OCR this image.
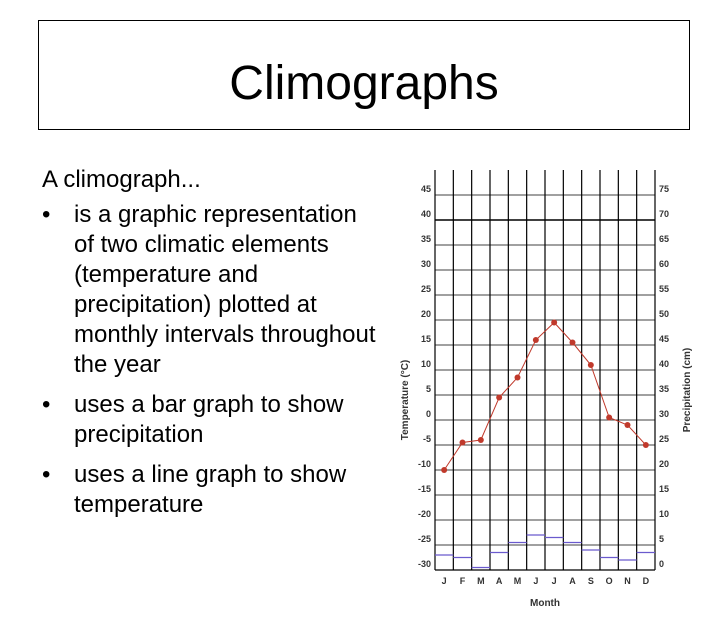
Climographs
A climograph...
• is a graphic representation of two climatic elements (temperature and precipitation) plotted at monthly intervals throughout the year
• uses a bar graph to show precipitation
• uses a line graph to show temperature
45	75
40	70
35	65
30	60
25	55
20	50
15	45
10	40
5	35
0	30
-5	25
-10	20
-15	15
-20	10
-25	5
-30	0
J F M A M J J A S O N D
Month
Temperature (°C)	Precipitation (cm)
